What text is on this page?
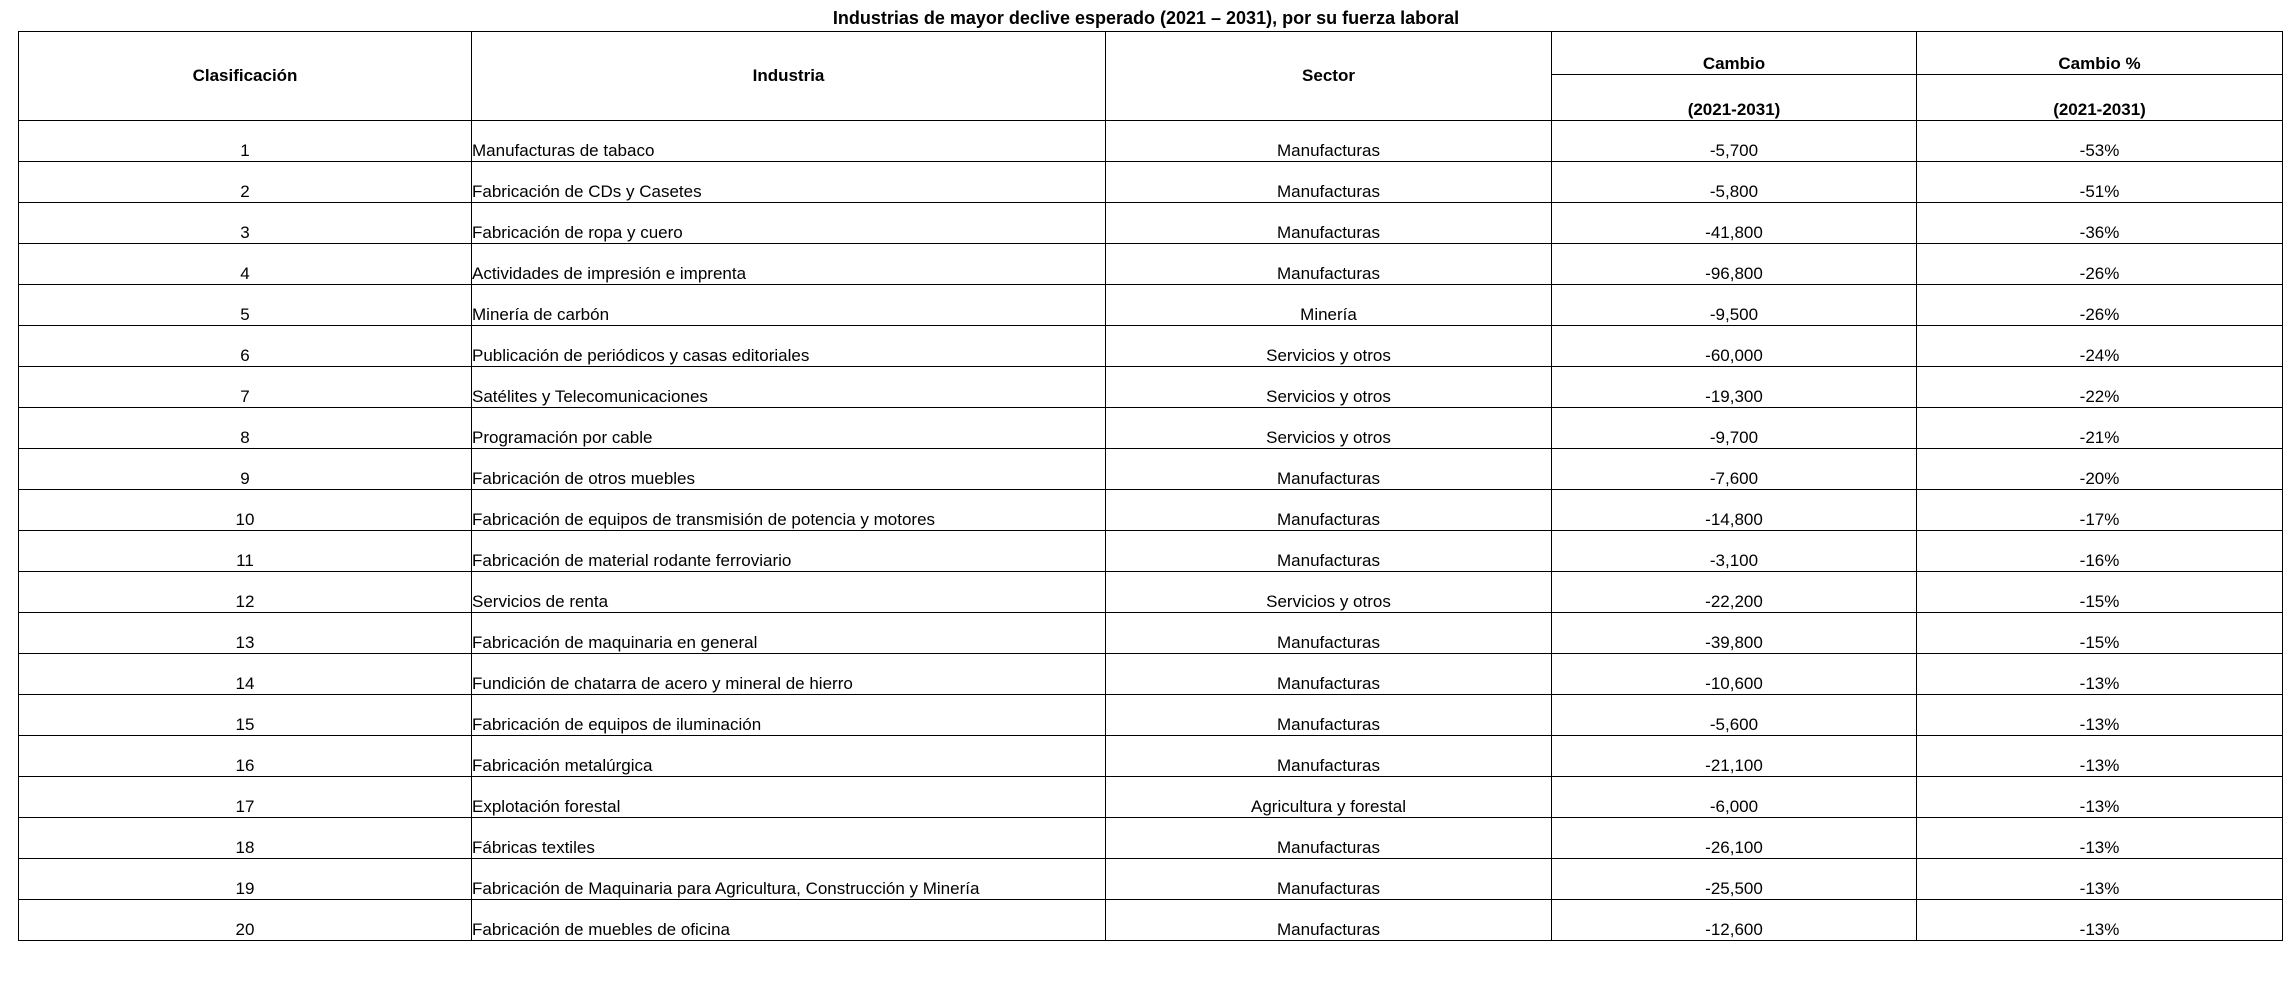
Industrias de mayor declive esperado (2021 – 2031), por su fuerza laboral
Clasificación	Industria	Sector	Cambio	Cambio %
			(2021-2031)	(2021-2031)
1	Manufacturas de tabaco	Manufacturas	-5,700	-53%
2	Fabricación de CDs y Casetes	Manufacturas	-5,800	-51%
3	Fabricación de ropa y cuero	Manufacturas	-41,800	-36%
4	Actividades de impresión e imprenta	Manufacturas	-96,800	-26%
5	Minería de carbón	Minería	-9,500	-26%
6	Publicación de periódicos y casas editoriales	Servicios y otros	-60,000	-24%
7	Satélites y Telecomunicaciones	Servicios y otros	-19,300	-22%
8	Programación por cable	Servicios y otros	-9,700	-21%
9	Fabricación de otros muebles	Manufacturas	-7,600	-20%
10	Fabricación de equipos de transmisión de potencia y motores	Manufacturas	-14,800	-17%
11	Fabricación de material rodante ferroviario	Manufacturas	-3,100	-16%
12	Servicios de renta	Servicios y otros	-22,200	-15%
13	Fabricación de maquinaria en general	Manufacturas	-39,800	-15%
14	Fundición de chatarra de acero y mineral de hierro	Manufacturas	-10,600	-13%
15	Fabricación de equipos de iluminación	Manufacturas	-5,600	-13%
16	Fabricación metalúrgica	Manufacturas	-21,100	-13%
17	Explotación forestal	Agricultura y forestal	-6,000	-13%
18	Fábricas textiles	Manufacturas	-26,100	-13%
19	Fabricación de Maquinaria para Agricultura, Construcción y Minería	Manufacturas	-25,500	-13%
20	Fabricación de muebles de oficina	Manufacturas	-12,600	-13%
